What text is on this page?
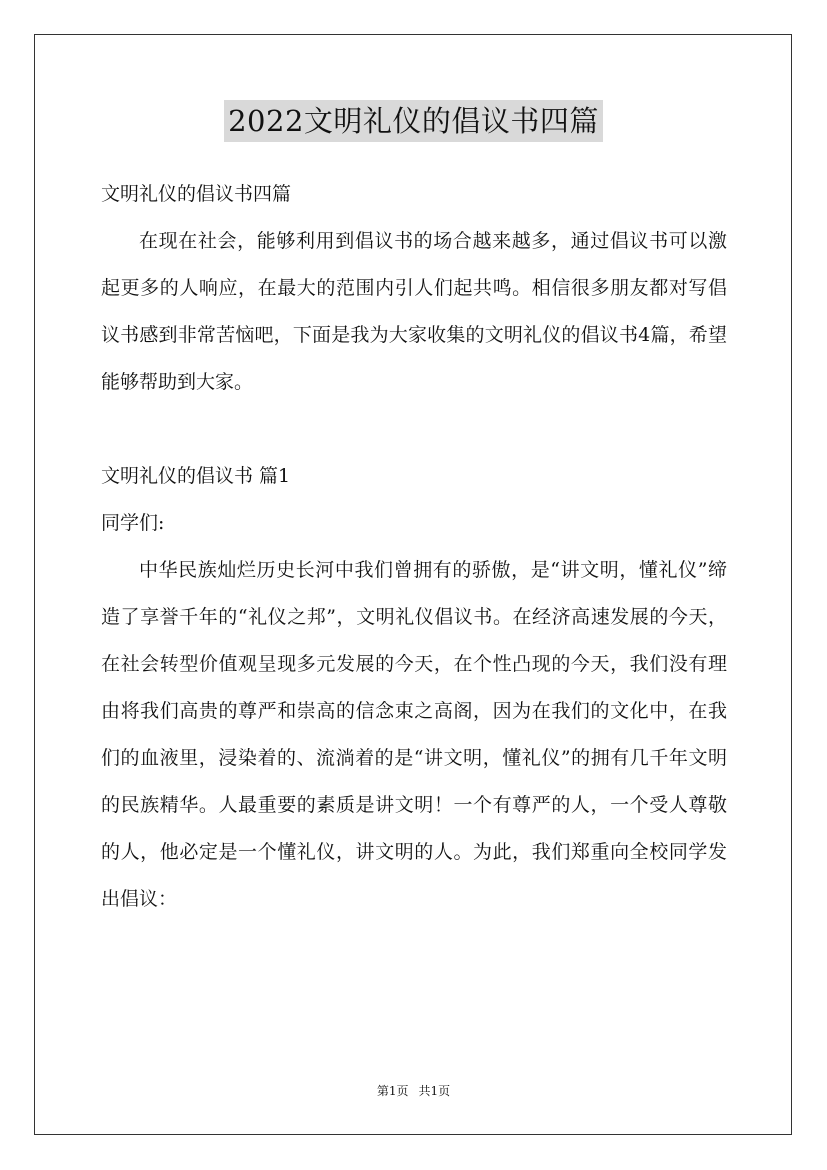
2022文明礼仪的倡议书四篇

文明礼仪的倡议书四篇

在现在社会，能够利用到倡议书的场合越来越多，通过倡议书可以激起更多的人响应，在最大的范围内引人们起共鸣。相信很多朋友都对写倡议书感到非常苦恼吧，下面是我为大家收集的文明礼仪的倡议书4篇，希望能够帮助到大家。

文明礼仪的倡议书 篇1

同学们:

中华民族灿烂历史长河中我们曾拥有的骄傲，是“讲文明，懂礼仪”缔造了享誉千年的“礼仪之邦”，文明礼仪倡议书。在经济高速发展的今天，在社会转型价值观呈现多元发展的今天，在个性凸现的今天，我们没有理由将我们高贵的尊严和崇高的信念束之高阁，因为在我们的文化中，在我们的血液里，浸染着的、流淌着的是“讲文明，懂礼仪”的拥有几千年文明的民族精华。人最重要的素质是讲文明！一个有尊严的人，一个受人尊敬的人，他必定是一个懂礼仪，讲文明的人。为此，我们郑重向全校同学发出倡议：

第1页 共1页
